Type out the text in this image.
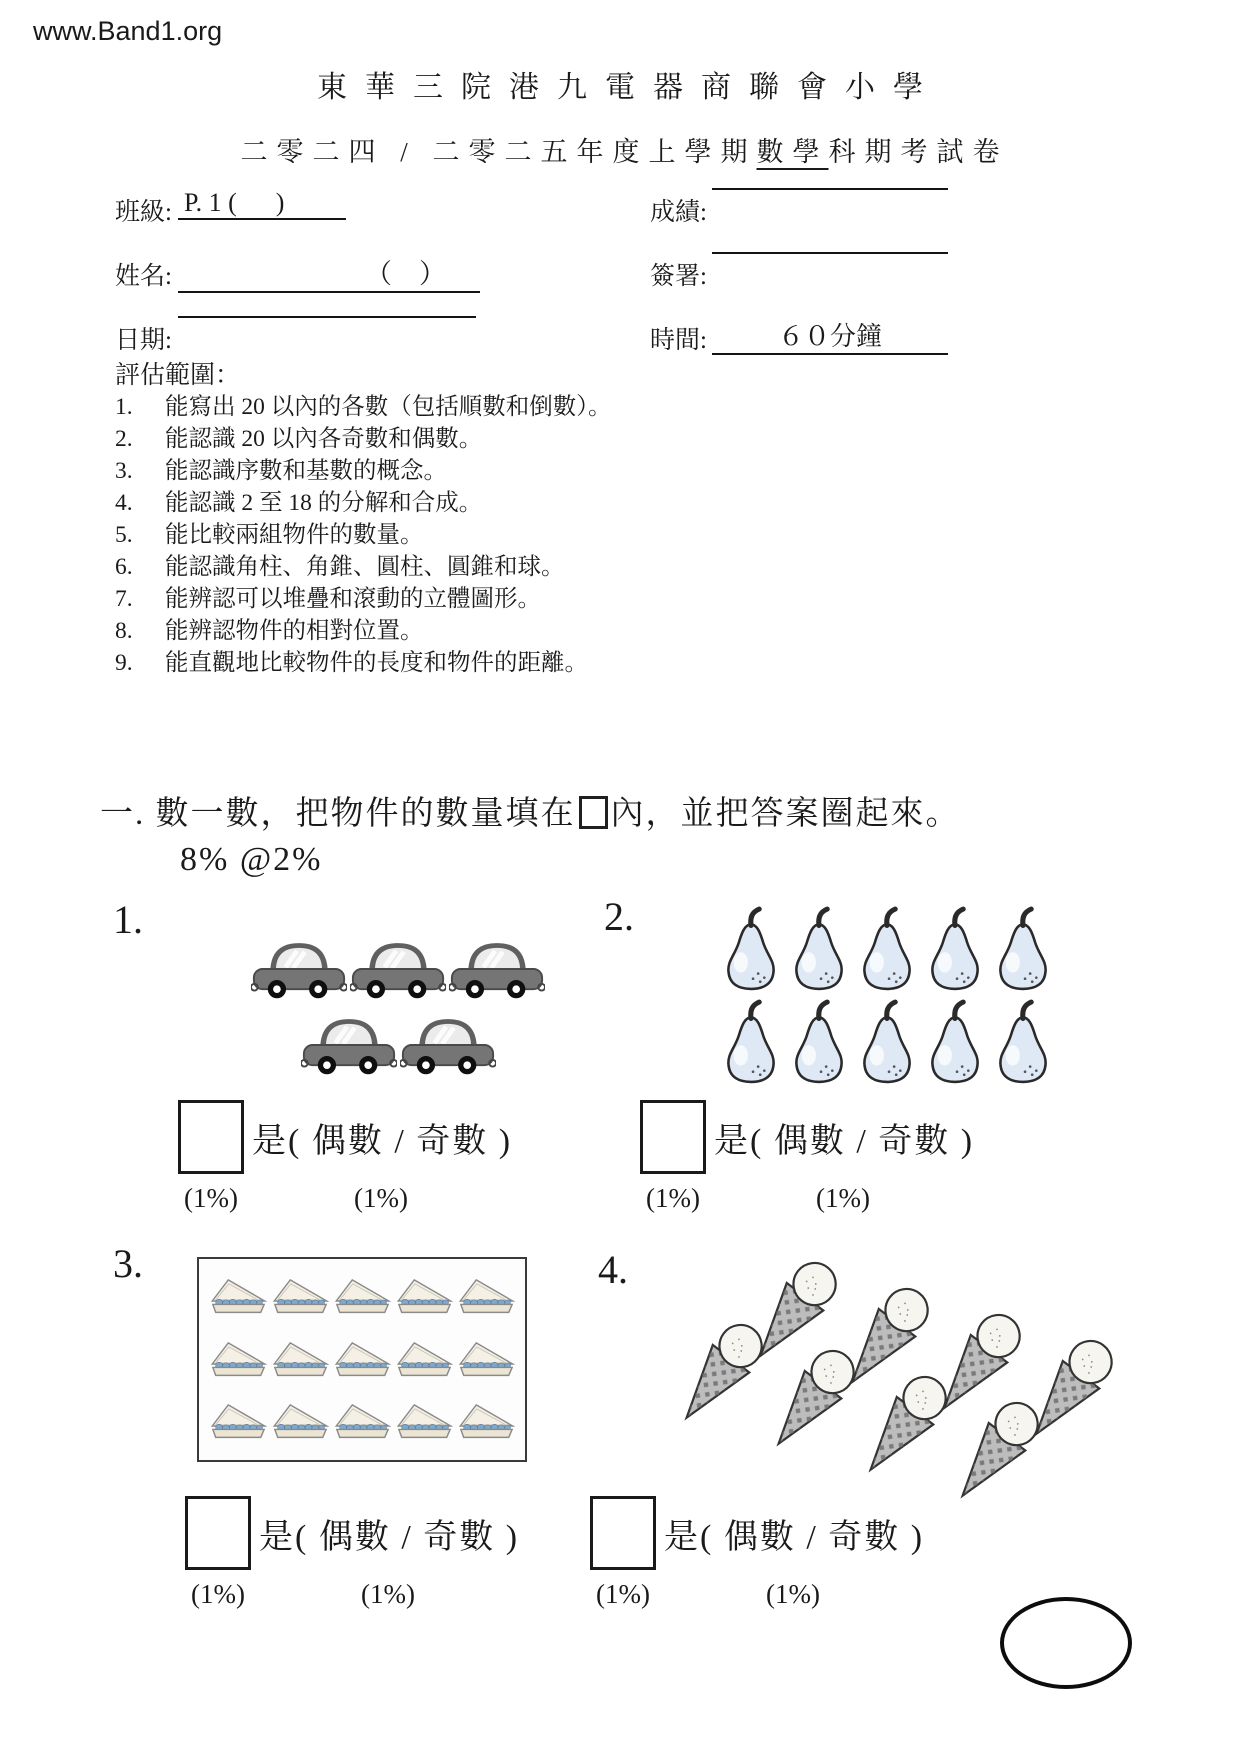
www.Band1.org
東華三院港九電器商聯會小學
二零二四 / 二零二五年度上學期數學科期考試卷
班級: P. 1 (      )	成績:
姓名:	（    ）	簽署:
日期:	時間:	６０分鐘
評估範圍：
1.	能寫出 20 以內的各數（包括順數和倒數）。
2.	能認識 20 以內各奇數和偶數。
3.	能認識序數和基數的概念。
4.	能認識 2 至 18 的分解和合成。
5.	能比較兩組物件的數量。
6.	能認識角柱、角錐、圓柱、圓錐和球。
7.	能辨認可以堆疊和滾動的立體圖形。
8.	能辨認物件的相對位置。
9.	能直觀地比較物件的長度和物件的距離。
一. 數一數，把物件的數量填在 內，並把答案圈起來。
8% @2%
1.	2.
3.	4.
是( 偶數 / 奇數 )
(1%)	(1%)
是( 偶數 / 奇數 )
(1%)	(1%)
是( 偶數 / 奇數 )
(1%)	(1%)
是( 偶數 / 奇數 )
(1%)	(1%)
